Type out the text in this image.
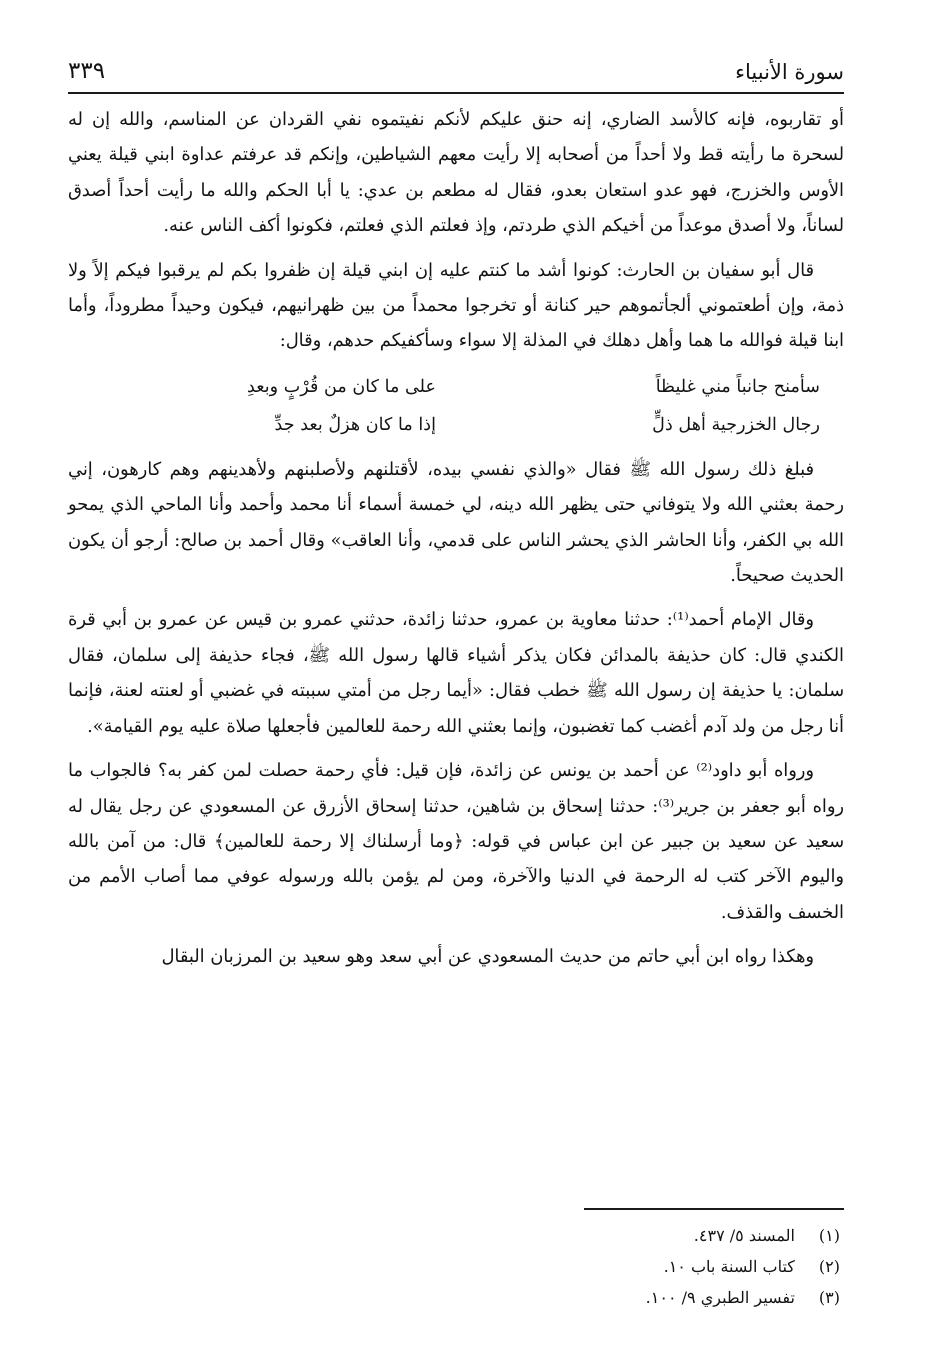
سورة الأنبياء
٣٣٩

أو تقاربوه، فإنه كالأسد الضاري، إنه حنق عليكم لأنكم نفيتموه نفي القردان عن المناسم، والله إن له لسحرة ما رأيته قط ولا أحداً من أصحابه إلا رأيت معهم الشياطين، وإنكم قد عرفتم عداوة ابني قيلة يعني الأوس والخزرج، فهو عدو استعان بعدو، فقال له مطعم بن عدي: يا أبا الحكم والله ما رأيت أحداً أصدق لساناً، ولا أصدق موعداً من أخيكم الذي طردتم، وإذ فعلتم الذي فعلتم، فكونوا أكف الناس عنه.

قال أبو سفيان بن الحارث: كونوا أشد ما كنتم عليه إن ابني قيلة إن ظفروا بكم لم يرقبوا فيكم إلاً ولا ذمة، وإن أطعتموني ألجأتموهم حير كنانة أو تخرجوا محمداً من بين ظهرانيهم، فيكون وحيداً مطروداً، وأما ابنا قيلة فوالله ما هما وأهل دهلك في المذلة إلا سواء وسأكفيكم حدهم، وقال:

سأمنح جانباً مني غليظاً
على ما كان من قُرْبٍ وبعدِ
رجال الخزرجية أهل ذلٍّ
إذا ما كان هزلٌ بعد جدِّ

فبلغ ذلك رسول الله ﷺ فقال «والذي نفسي بيده، لأقتلنهم ولأصلبنهم ولأهدينهم وهم كارهون، إني رحمة بعثني الله ولا يتوفاني حتى يظهر الله دينه، لي خمسة أسماء أنا محمد وأحمد وأنا الماحي الذي يمحو الله بي الكفر، وأنا الحاشر الذي يحشر الناس على قدمي، وأنا العاقب» وقال أحمد بن صالح: أرجو أن يكون الحديث صحيحاً.

وقال الإمام أحمد⁽¹⁾: حدثنا معاوية بن عمرو، حدثنا زائدة، حدثني عمرو بن قيس عن عمرو بن أبي قرة الكندي قال: كان حذيفة بالمدائن فكان يذكر أشياء قالها رسول الله ﷺ، فجاء حذيفة إلى سلمان، فقال سلمان: يا حذيفة إن رسول الله ﷺ خطب فقال: «أيما رجل من أمتي سببته في غضبي أو لعنته لعنة، فإنما أنا رجل من ولد آدم أغضب كما تغضبون، وإنما بعثني الله رحمة للعالمين فأجعلها صلاة عليه يوم القيامة».

ورواه أبو داود⁽²⁾ عن أحمد بن يونس عن زائدة، فإن قيل: فأي رحمة حصلت لمن كفر به؟ فالجواب ما رواه أبو جعفر بن جرير⁽³⁾: حدثنا إسحاق بن شاهين، حدثنا إسحاق الأزرق عن المسعودي عن رجل يقال له سعيد عن سعيد بن جبير عن ابن عباس في قوله: ﴿وما أرسلناك إلا رحمة للعالمين﴾ قال: من آمن بالله واليوم الآخر كتب له الرحمة في الدنيا والآخرة، ومن لم يؤمن بالله ورسوله عوفي مما أصاب الأمم من الخسف والقذف.

وهكذا رواه ابن أبي حاتم من حديث المسعودي عن أبي سعد وهو سعيد بن المرزبان البقال

(١) المسند ٥/ ٤٣٧.
(٢) كتاب السنة باب ١٠.
(٣) تفسير الطبري ٩/ ١٠٠.
